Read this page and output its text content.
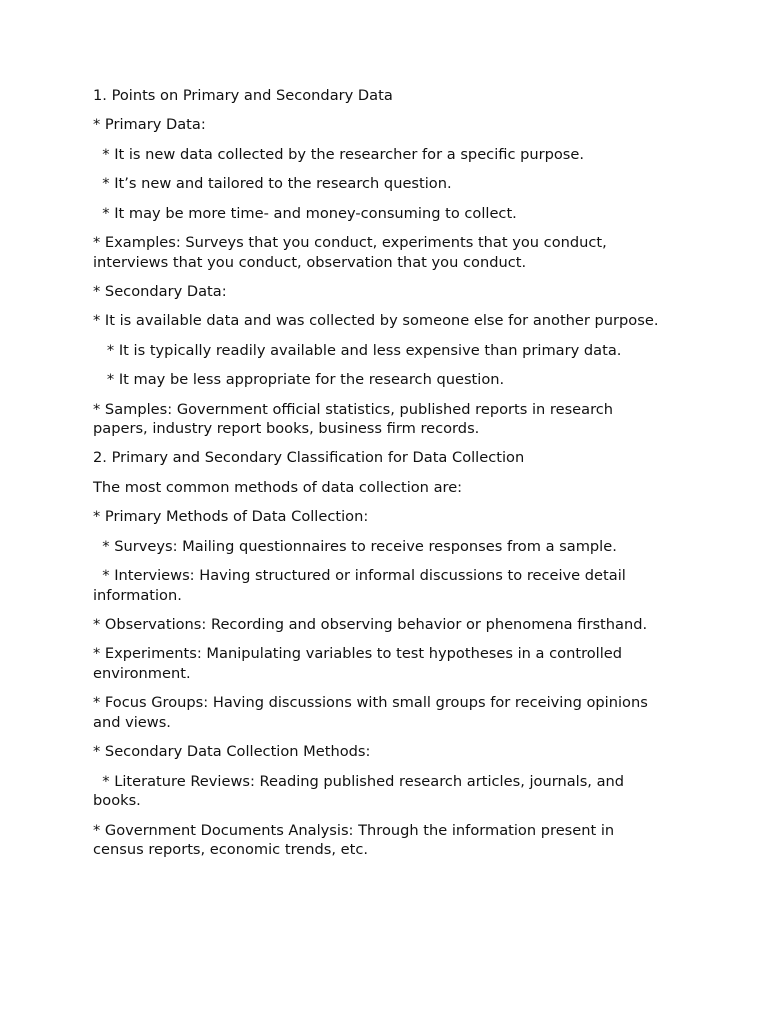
1. Points on Primary and Secondary Data

* Primary Data:

* It is new data collected by the researcher for a specific purpose.

* It’s new and tailored to the research question.

* It may be more time- and money-consuming to collect.

* Examples: Surveys that you conduct, experiments that you conduct, interviews that you conduct, observation that you conduct.

* Secondary Data:

* It is available data and was collected by someone else for another purpose.

* It is typically readily available and less expensive than primary data.

* It may be less appropriate for the research question.

* Samples: Government official statistics, published reports in research papers, industry report books, business firm records.

2. Primary and Secondary Classification for Data Collection

The most common methods of data collection are:

* Primary Methods of Data Collection:

* Surveys: Mailing questionnaires to receive responses from a sample.

* Interviews: Having structured or informal discussions to receive detail information.

* Observations: Recording and observing behavior or phenomena firsthand.

* Experiments: Manipulating variables to test hypotheses in a controlled environment.

* Focus Groups: Having discussions with small groups for receiving opinions and views.

* Secondary Data Collection Methods:

* Literature Reviews: Reading published research articles, journals, and books.

* Government Documents Analysis: Through the information present in census reports, economic trends, etc.
